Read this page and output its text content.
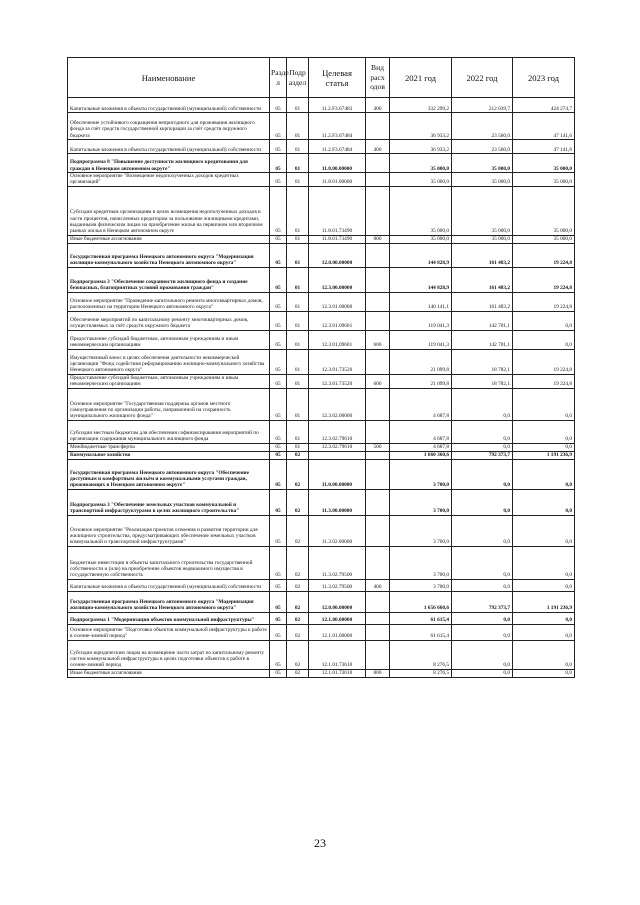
Наименование	Разде л	Подр аздел	Целевая статья	Вид расх одов	2021 год	2022 год	2023 год
Капитальные вложения в объекты государственной (муниципальной) собственности	05	01	11.2.F3.67483	400	332 299,2	212 039,7	424 274,7
Обеспечение устойчивого сокращения непригодного для проживания жилищного фонда за счёт средств государственной корпорации за счёт средств окружного бюджета	05	01	11.2.F3.67484		36 933,2	23 560,0	47 141,6
Капитальные вложения в объекты государственной (муниципальной) собственности	05	01	11.2.F3.67484	400	36 933,2	23 560,0	47 141,6
Подпрограмма 8 "Повышение доступности жилищного кредитования для граждан в Ненецком автономном округе"	05	01	11.8.00.00000		35 000,0	35 000,0	35 000,0
Основное мероприятие "Возмещение недополученных доходов кредитных организаций"	05	01	11.8.01.00000		35 000,0	35 000,0	35 000,0
Субсидии кредитным организациям в целях возмещения недополученных доходов в части процентов, начисленных кредитором за пользование жилищными кредитами, выданными физическим лицам на приобретение жилья на первичном или вторичном рынках жилья в Ненецком автономном округе	05	01	11.8.01.73490		35 000,0	35 000,0	35 000,0
Иные бюджетные ассигнования	05	01	11.8.01.73490	800	35 000,0	35 000,0	35 000,0
Государственная программа Ненецкого автономного округа "Модернизация жилищно-коммунального хозяйства Ненецкого автономного округа"	05	01	12.0.00.00000		144 828,9	161 483,2	19 224,8
Подпрограмма 3 "Обеспечение сохранности жилищного фонда и создание безопасных, благоприятных условий проживания граждан"	05	01	12.3.00.00000		144 828,9	161 483,2	19 224,8
Основное мероприятие "Проведение капитального ремонта многоквартирных домов, расположенных на территории Ненецкого автономного округа"	05	01	12.3.01.00000		140 141,1	161 483,2	19 224,8
Обеспечение мероприятий по капитальному ремонту многоквартирных домов, осуществляемых за счёт средств окружного бюджета	05	01	12.3.01.09601		119 041,3	142 701,1	0,0
Предоставление субсидий бюджетным, автономным учреждениям и иным некоммерческим организациям	05	01	12.3.01.09601	600	119 041,3	142 701,1	0,0
Имущественный взнос в целях обеспечения деятельности некоммерческой организации "Фонд содействия реформированию жилищно-коммунального хозяйства Ненецкого автономного округа"	05	01	12.3.01.73520		21 099,8	18 782,1	19 224,8
Предоставление субсидий бюджетным, автономным учреждениям и иным некоммерческим организациям	05	01	12.3.01.73520	600	21 099,8	18 782,1	19 224,8
Основное мероприятие "Государственная поддержка органов местного самоуправления по организации работы, направленной на сохранность муниципального жилищного фонда"	05	01	12.3.02.00000		4 687,8	0,0	0,0
Субсидии местным бюджетам для обеспечения софинансирования мероприятий по организации содержания муниципального жилищного фонда	05	01	12.3.02.79610		4 687,8	0,0	0,0
Межбюджетные трансферты	05	01	12.3.02.79610	500	4 687,8	0,0	0,0
Коммунальное хозяйство	05	02			1 660 360,6	792 373,7	1 191 236,9
Государственная программа Ненецкого автономного округа "Обеспечение доступным и комфортным жильём и коммунальными услугами граждан, проживающих в Ненецком автономном округе"	05	02	11.0.00.00000		3 700,0	0,0	0,0
Подпрограмма 3 "Обеспечение земельных участков коммунальной и транспортной инфраструктурами в целях жилищного строительства"	05	02	11.3.00.00000		3 700,0	0,0	0,0
Основное мероприятие "Реализация проектов освоения и развития территории для жилищного строительства, предусматривающих обеспечение земельных участков коммунальной и транспортной инфраструктурами"	05	02	11.3.02.00000		3 700,0	0,0	0,0
Бюджетные инвестиции в объекты капитального строительства государственной собственности и (или) на приобретение объектов недвижимого имущества в государственную собственность	05	02	11.3.02.79500		3 700,0	0,0	0,0
Капитальные вложения в объекты государственной (муниципальной) собственности	05	02	11.3.02.79500	400	3 700,0	0,0	0,0
Государственная программа Ненецкого автономного округа "Модернизация жилищно-коммунального хозяйства Ненецкого автономного округа"	05	02	12.0.00.00000		1 656 660,6	792 373,7	1 191 236,9
Подпрограмма 1 "Модернизация объектов коммунальной инфраструктуры"	05	02	12.1.00.00000		61 615,4	0,0	0,0
Основное мероприятие "Подготовка объектов коммунальной инфраструктуры к работе в осенне-зимний период"	05	02	12.1.01.00000		61 615,4	0,0	0,0
Субсидии юридическим лицам на возмещение части затрат по капитальному ремонту систем коммунальной инфраструктуры в целях подготовки объектов к работе в осенне-зимний период	05	02	12.1.01.73610		8 276,5	0,0	0,0
Иные бюджетные ассигнования	05	02	12.1.01.73610	800	8 276,5	0,0	0,0
23
